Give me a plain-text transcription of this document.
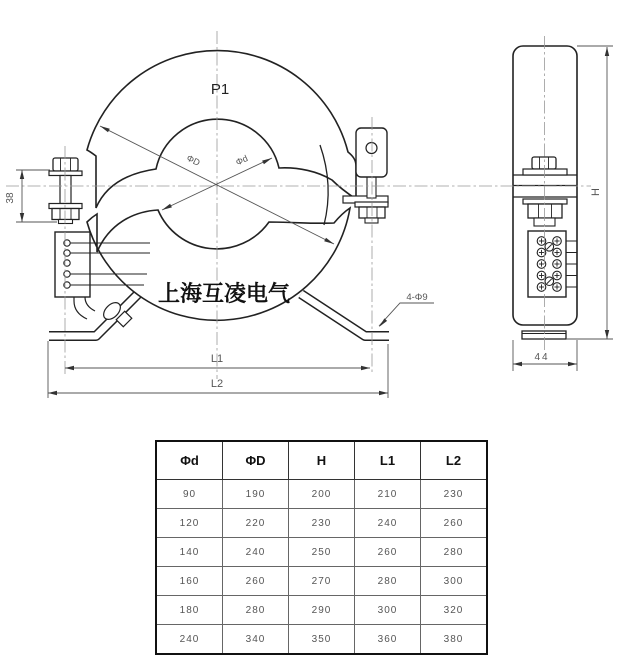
P1
38
ΦD	Φd
4-Φ9
L1
L2
44
H
上海互凌电气
Φd	ΦD	H	L1	L2
90	190	200	210	230
120	220	230	240	260
140	240	250	260	280
160	260	270	280	300
180	280	290	300	320
240	340	350	360	380
